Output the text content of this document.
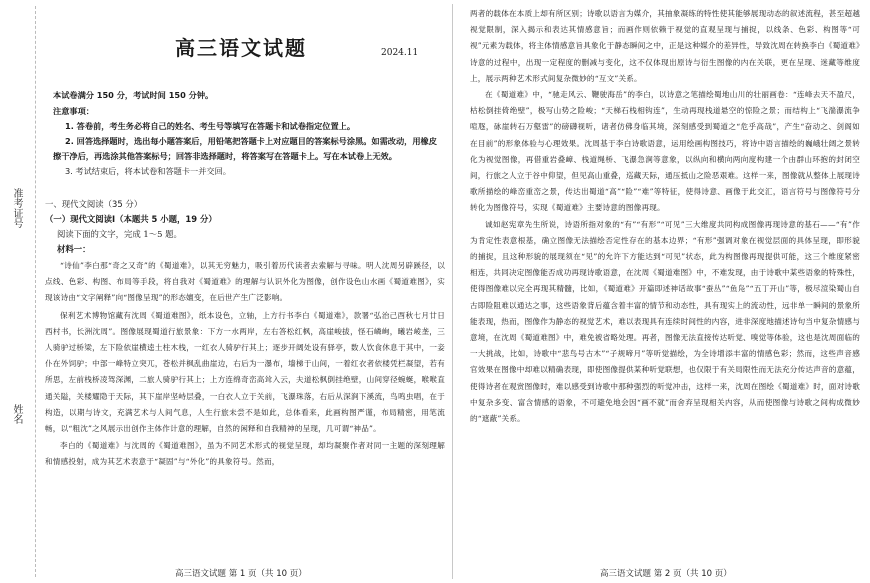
准考证号
姓名
高三语文试题	2024.11
本试卷满分 150 分，考试时间 150 分钟。
注意事项：
1. 答卷前，考生务必将自己的姓名、考生号等填写在答题卡和试卷指定位置上。
2. 回答选择题时，选出每小题答案后，用铅笔把答题卡上对应题目的答案标号涂黑。如需改动，用橡皮擦干净后，再选涂其他答案标号；回答非选择题时，将答案写在答题卡上。写在本试卷上无效。
3. 考试结束后，将本试卷和答题卡一并交回。
一、现代文阅读（35 分）
（一）现代文阅读Ⅰ（本题共 5 小题，19 分）
阅读下面的文字，完成 1～5 题。
材料一：

“诗仙”李白那“奇之又奇”的《蜀道难》，以其无穷魅力，吸引着历代读者去索解与寻味。明人沈周另辟蹊径，以点线、色彩、构图、布局等手段，将自我对《蜀道难》的理解与认识外化为图像，创作设色山水画《蜀道难图》，实现该诗由“文字阐释”向“图像呈现”的形态嬗变，在后世产生广泛影响。

保利艺术博物馆藏有沈周《蜀道难图》，纸本设色，立轴，上方行书李白《蜀道难》，款署“弘治己酉秋七月廿日西村书，长洲沈周”。图像展现蜀道行旅景象：下方一水两岸，左右答松红枫，高崖峻拔，怪石嶙峋，曦岩崚垄，三人骑驴过桥梁，左下险依崖横逵土柱木栈，一红衣人骑驴行其上；逐步开阔处设有驿亭，数人饮食休息于其中，一妾仆在外饲驴；中部一峰特立突兀，苍松并枫乱曲崖边，右后为一瀑布，墙梯于山间，一着红衣者依楼凭栏凝望，若有所思，左前栈桥凌驾深渊，二旅人骑驴行其上；上方连绵奇峦高耸入云，夫道松枫倒挂绝壁，山间穿径蜿蜒，喉喉直通关隘，关楼耀隐于天际，其下崖岸坚峙层叠，一白衣人立于关前，飞瀑珠落，右后从深涧下溪流，鸟鸣虫唱，在于构造，以期与诗文，充满艺术与人间气息，人生行旅未尝不是如此，总体看来，此画构图严谨，布局精密，用笔流畅，以“粗沈”之风展示出创作主体作计意的理解，自然的闲释和自我精神的呈现，几可谓“神品”。

李白的《蜀道难》与沈周的《蜀道难图》，虽为不同艺术形式的视觉呈现，却均凝聚作者对同一主题的深刻理解和情感投射，成为其艺术表意于“凝固”与“外化”的具象符号。然而，

高三语文试题 第 1 页（共 10 页）

两者的载体在本质上却有所区别；诗歌以语言为媒介，其抽象凝练的特性使其能够展现动态的叙述流程，甚至超越视觉限制，深入揭示和表达其情感意旨；而画作则依赖于视觉的直观呈现与捕捉，以线条、色彩、构图等“可视”元素为载体，将主体情感意旨具象化于静态瞬间之中，正是这种媒介的差异性，导致沈周在转换李白《蜀道难》诗意的过程中，出现一定程度的删减与变化，这不仅体现出原诗与衍生图像的内在关联，更在呈现、迷藏等维度上，展示两种艺术形式间复杂微妙的“互文”关系。

在《蜀道难》中，“驰走风云、鞭驶海岳”的李白，以诗意之笔描绘蜀地山川的壮丽画卷：“连峰去天不盈尺，枯松倒挂倚绝壁”，极写山势之险峻；“天梯石栈相钩连”，生动再现栈道悬空的惊险之景；而结构上“飞湍瀑流争喧豗，砯崖转石万壑雷”的磅礴视听，诸者仿佛身临其境，深刻感受到蜀道之“危乎高哉”，产生“奋动之、剑阁如在目前”的形象体验与心理效果。沈周基于李白诗歌语意，运用绘画构图技巧，将诗中语言描绘的巍峨壮阔之景转化为视觉图像，再借重岩叠嶂、栈道绳桥、飞瀑急涧等意象，以纵向和横向两向度构建一个由群山环抱的封闭空间，行旅之人立于谷中仰望，但见高山重叠，巡藏天际，通压抵山之险恶艰难。这样一来，图像就从整体上展现诗歌所描绘的峰峦重峦之景，传达出蜀道“高”“险”“难”等特征，使得诗意、画像于此交汇，语言符号与图像符号分转化为图像符号，实现《蜀道难》主要诗意的图像再现。

诚如赵宪章先生所说，诗语所指对象的“有”“有形”“可见”三大维度共同构成图像再现诗意的基石——“有”作为肯定性表意根基，确立图像无法描绘否定性存在的基本边界；“有形”强调对象在视觉层面的具体呈现，即形貌的捕捉，且这种形貌的展现须在“见”的允许下方能达到“可见”状态，此为构图像再现提供可能，这三个维度紧密相连，共同决定图像能否成功再现诗歌语意，在沈周《蜀道难图》中，不难发现，由于诗歌中某些语象的特殊性，使得图像难以完全再现其精髓，比如，《蜀道难》开篇即述神话故事“蚕丛”“鱼凫”“五丁开山”等，极尽渲染蜀山自古即险阻难以通达之事，这些语象背后蕴含着丰富的情节和动态性，具有现实上的流动性，远非单一瞬间的景象所能表现，热而，图像作为静态的视觉艺术，难以表现具有连续时间性的内容，进非深度地描述诗句当中复杂情感与意境，在沈周《蜀道难图》中，难免被省略处理。再者，图像无法直接传达听觉、嗅觉等体验，这也是沈周面临的一大挑战，比如，诗歌中“悲鸟号古木”“子规啼月”等听觉描绘，为全诗增添丰富的情感色彩；然而，这些声音感官效果在图像中却难以精确表现，即使图像提供某种听觉联想，也仅限于有关局限性而无法充分传达声音的意蕴，使得诗者在观赏图像时，难以感受到诗歌中那种强烈的听觉冲击，这样一来，沈周在图绘《蜀道难》时，面对诗歌中复杂多变、富含情感的语象，不可避免地会因“画不就”而舍弃呈现相关内容，从而使图像与诗歌之间构成微妙的“遮蔽”关系。

高三语文试题 第 2 页（共 10 页）
